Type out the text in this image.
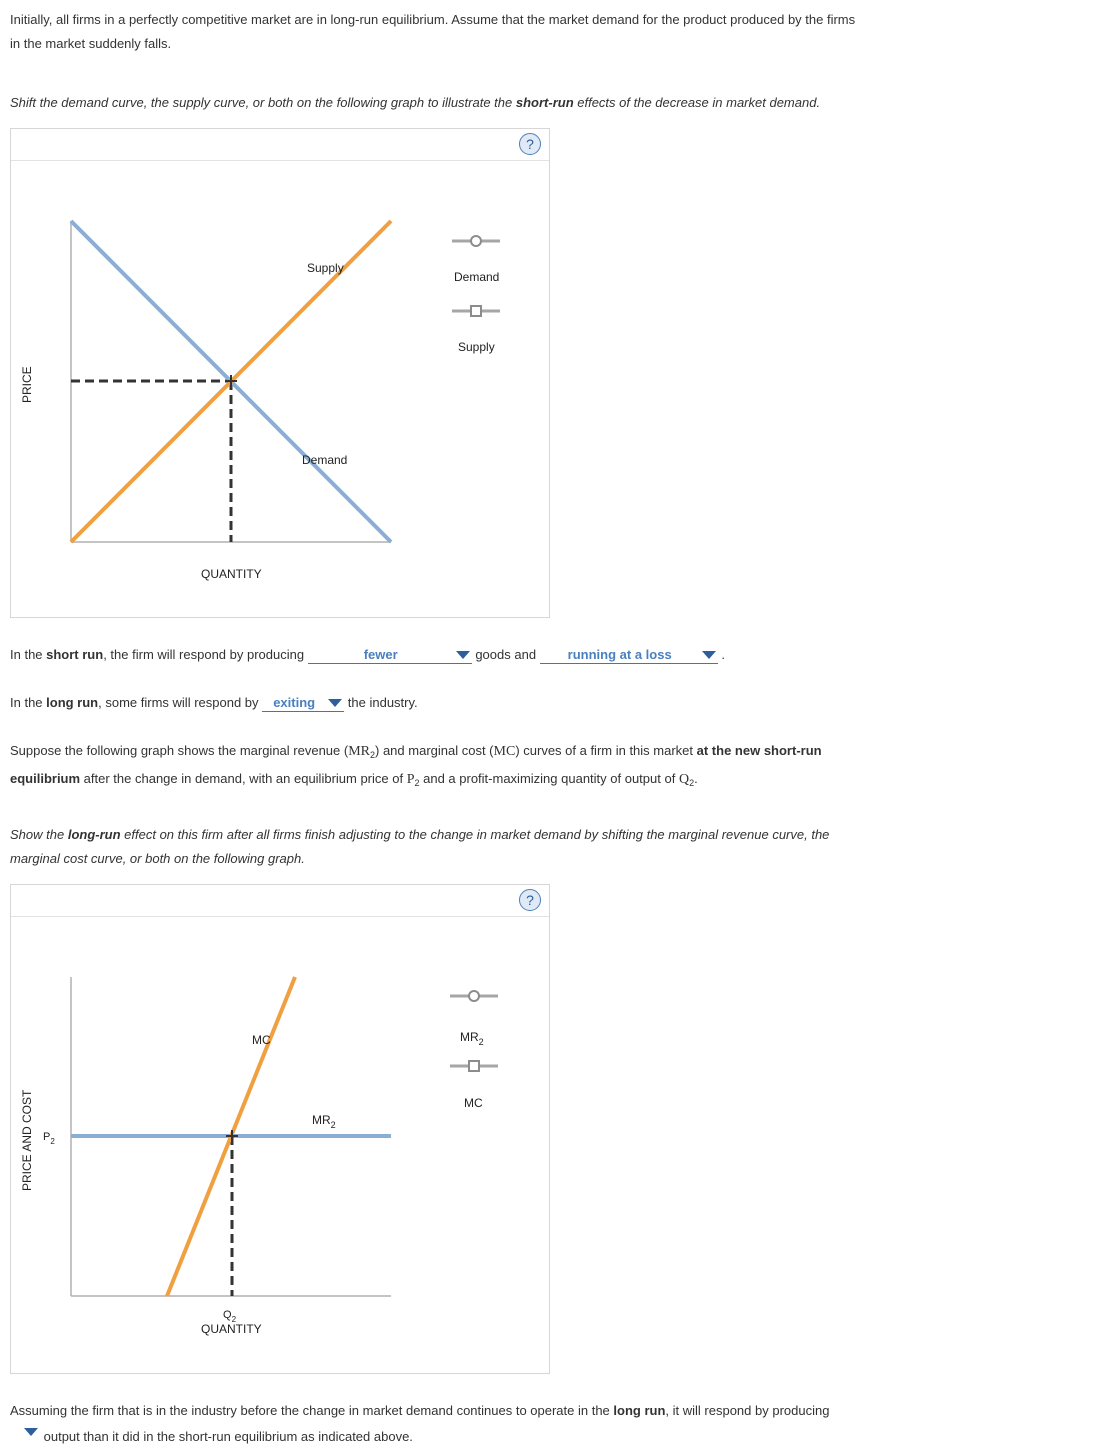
Initially, all firms in a perfectly competitive market are in long-run equilibrium. Assume that the market demand for the product produced by the firms
in the market suddenly falls.
Shift the demand curve, the supply curve, or both on the following graph to illustrate the short-run effects of the decrease in market demand.
?
Supply
Demand
QUANTITY
PRICE
Demand
Supply
In the short run, the firm will respond by producing	fewer	goods and running at a loss	.
In the long run, some firms will respond by exiting	the industry.
Suppose the following graph shows the marginal revenue $(MR_2)$ and marginal cost (MC) curves of a firm in this market at the new short-run
equilibrium after the change in demand, with an equilibrium price of $P_2$ and a profit-maximizing quantity of output of $Q_2$.
Show the long-run effect on this firm after all firms finish adjusting to the change in market demand by shifting the marginal revenue curve, the
marginal cost curve, or both on the following graph.
?
MC
$MR_2$
$P_2$
$Q_2$
QUANTITY
PRICE AND COST
$MR_2$
MC
Assuming the firm that is in the industry before the change in market demand continues to operate in the long run, it will respond by producing

output than it did in the short-run equilibrium as indicated above.
